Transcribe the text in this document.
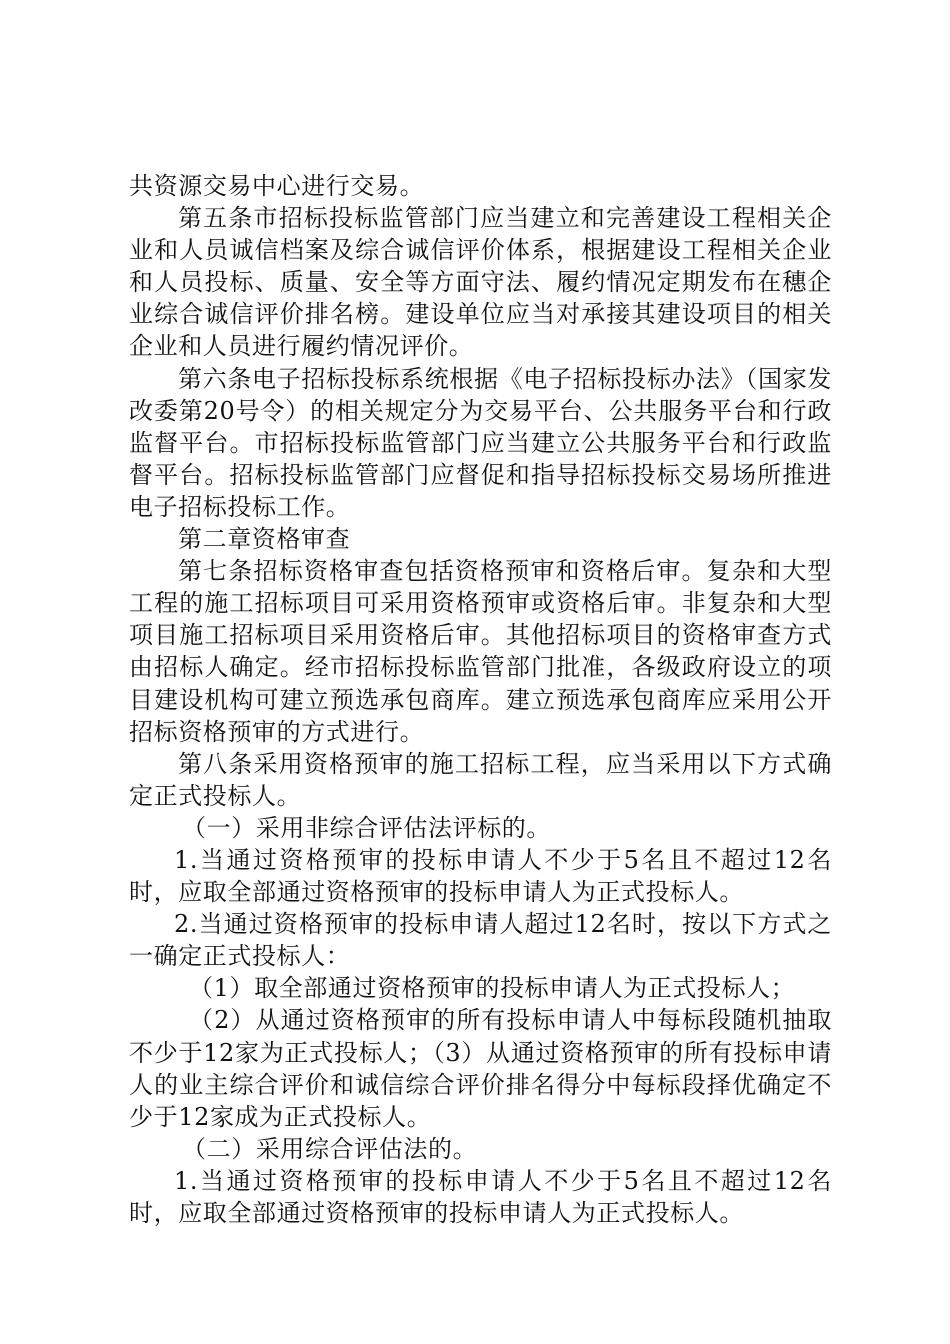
共资源交易中心进行交易。

第五条市招标投标监管部门应当建立和完善建设工程相关企业和人员诚信档案及综合诚信评价体系，根据建设工程相关企业和人员投标、质量、安全等方面守法、履约情况定期发布在穗企业综合诚信评价排名榜。建设单位应当对承接其建设项目的相关企业和人员进行履约情况评价。

第六条电子招标投标系统根据《电子招标投标办法》（国家发改委第20号令）的相关规定分为交易平台、公共服务平台和行政监督平台。市招标投标监管部门应当建立公共服务平台和行政监督平台。招标投标监管部门应督促和指导招标投标交易场所推进电子招标投标工作。

第二章资格审查

第七条招标资格审查包括资格预审和资格后审。复杂和大型工程的施工招标项目可采用资格预审或资格后审。非复杂和大型项目施工招标项目采用资格后审。其他招标项目的资格审查方式由招标人确定。经市招标投标监管部门批准，各级政府设立的项目建设机构可建立预选承包商库。建立预选承包商库应采用公开招标资格预审的方式进行。

第八条采用资格预审的施工招标工程，应当采用以下方式确定正式投标人。

（一）采用非综合评估法评标的。

1.当通过资格预审的投标申请人不少于5名且不超过12名时，应取全部通过资格预审的投标申请人为正式投标人。

2.当通过资格预审的投标申请人超过12名时，按以下方式之一确定正式投标人：

（1）取全部通过资格预审的投标申请人为正式投标人；

（2）从通过资格预审的所有投标申请人中每标段随机抽取不少于12家为正式投标人；（3）从通过资格预审的所有投标申请人的业主综合评价和诚信综合评价排名得分中每标段择优确定不少于12家成为正式投标人。

（二）采用综合评估法的。

1.当通过资格预审的投标申请人不少于5名且不超过12名时，应取全部通过资格预审的投标申请人为正式投标人。
